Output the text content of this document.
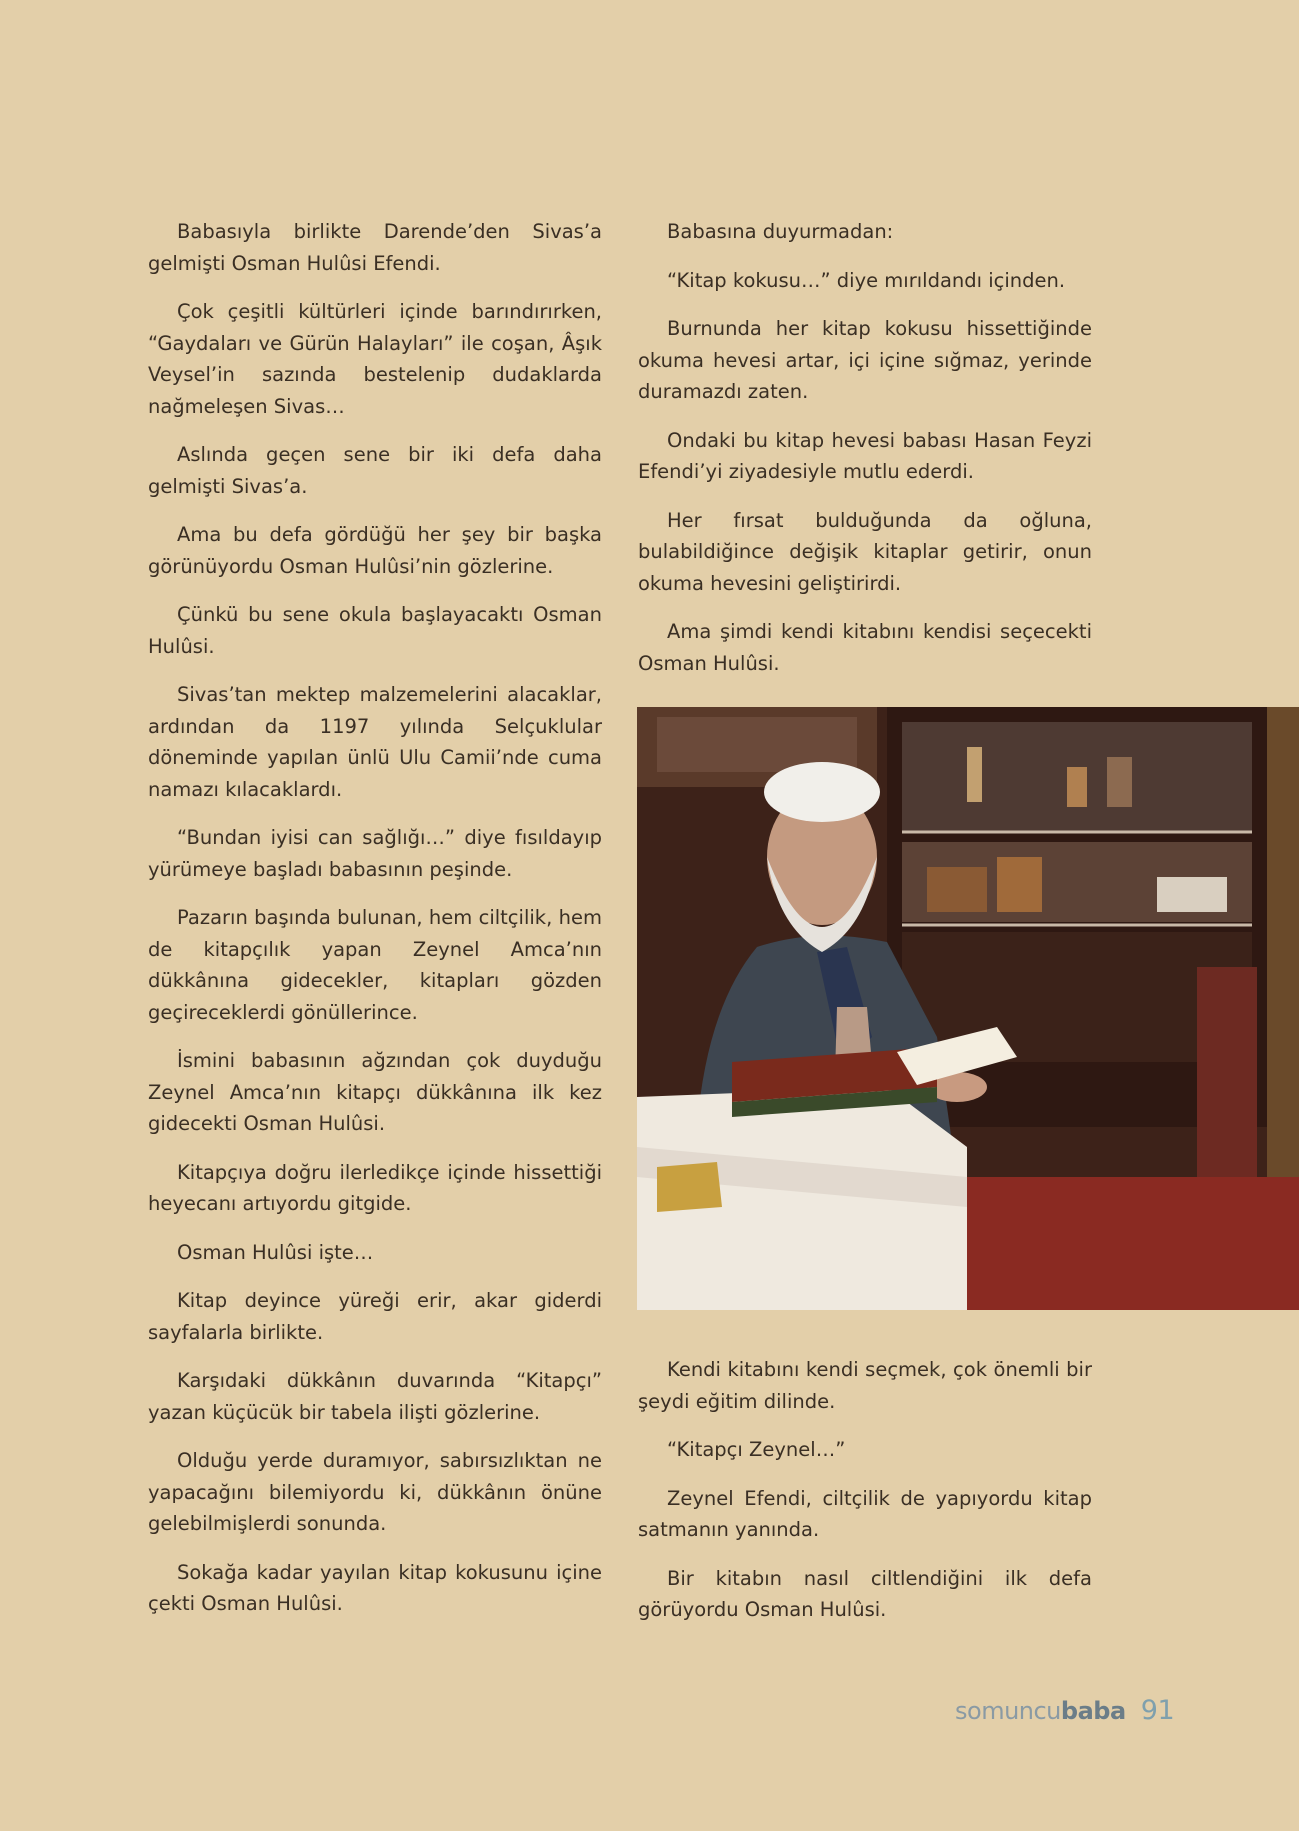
Babasıyla birlikte Darende’den Sivas’a gelmişti Osman Hulûsi Efendi.

Çok çeşitli kültürleri içinde barındırırken, “Gaydaları ve Gürün Halayları” ile coşan, Âşık Veysel’in sazında bestelenip dudaklarda nağmeleşen Sivas…

Aslında geçen sene bir iki defa daha gelmişti Sivas’a.

Ama bu defa gördüğü her şey bir başka görünüyordu Osman Hulûsi’nin gözlerine.

Çünkü bu sene okula başlayacaktı Osman Hulûsi.

Sivas’tan mektep malzemelerini alacaklar, ardından da 1197 yılında Selçuklular döneminde yapılan ünlü Ulu Camii’nde cuma namazı kılacaklardı.

“Bundan iyisi can sağlığı…” diye fısıldayıp yürümeye başladı babasının peşinde.

Pazarın başında bulunan, hem ciltçilik, hem de kitapçılık yapan Zeynel Amca’nın dükkânına gidecekler, kitapları gözden geçireceklerdi gönüllerince.

İsmini babasının ağzından çok duyduğu Zeynel Amca’nın kitapçı dükkânına ilk kez gidecekti Osman Hulûsi.

Kitapçıya doğru ilerledikçe içinde hissettiği heyecanı artıyordu gitgide.

Osman Hulûsi işte…

Kitap deyince yüreği erir, akar giderdi sayfalarla birlikte.

Karşıdaki dükkânın duvarında “Kitapçı” yazan küçücük bir tabela ilişti gözlerine.

Olduğu yerde duramıyor, sabırsızlıktan ne yapacağını bilemiyordu ki, dükkânın önüne gelebilmişlerdi sonunda.

Sokağa kadar yayılan kitap kokusunu içine çekti Osman Hulûsi.

Babasına duyurmadan:

“Kitap kokusu…” diye mırıldandı içinden.

Burnunda her kitap kokusu hissettiğinde okuma hevesi artar, içi içine sığmaz, yerinde duramazdı zaten.

Ondaki bu kitap hevesi babası Hasan Feyzi Efendi’yi ziyadesiyle mutlu ederdi.

Her fırsat bulduğunda da oğluna, bulabildiğince değişik kitaplar getirir, onun okuma hevesini geliştirirdi.

Ama şimdi kendi kitabını kendisi seçecekti Osman Hulûsi.

Kendi kitabını kendi seçmek, çok önemli bir şeydi eğitim dilinde.

“Kitapçı Zeynel…”

Zeynel Efendi, ciltçilik de yapıyordu kitap satmanın yanında.

Bir kitabın nasıl ciltlendiğini ilk defa görüyordu Osman Hulûsi.

somuncubaba 91
